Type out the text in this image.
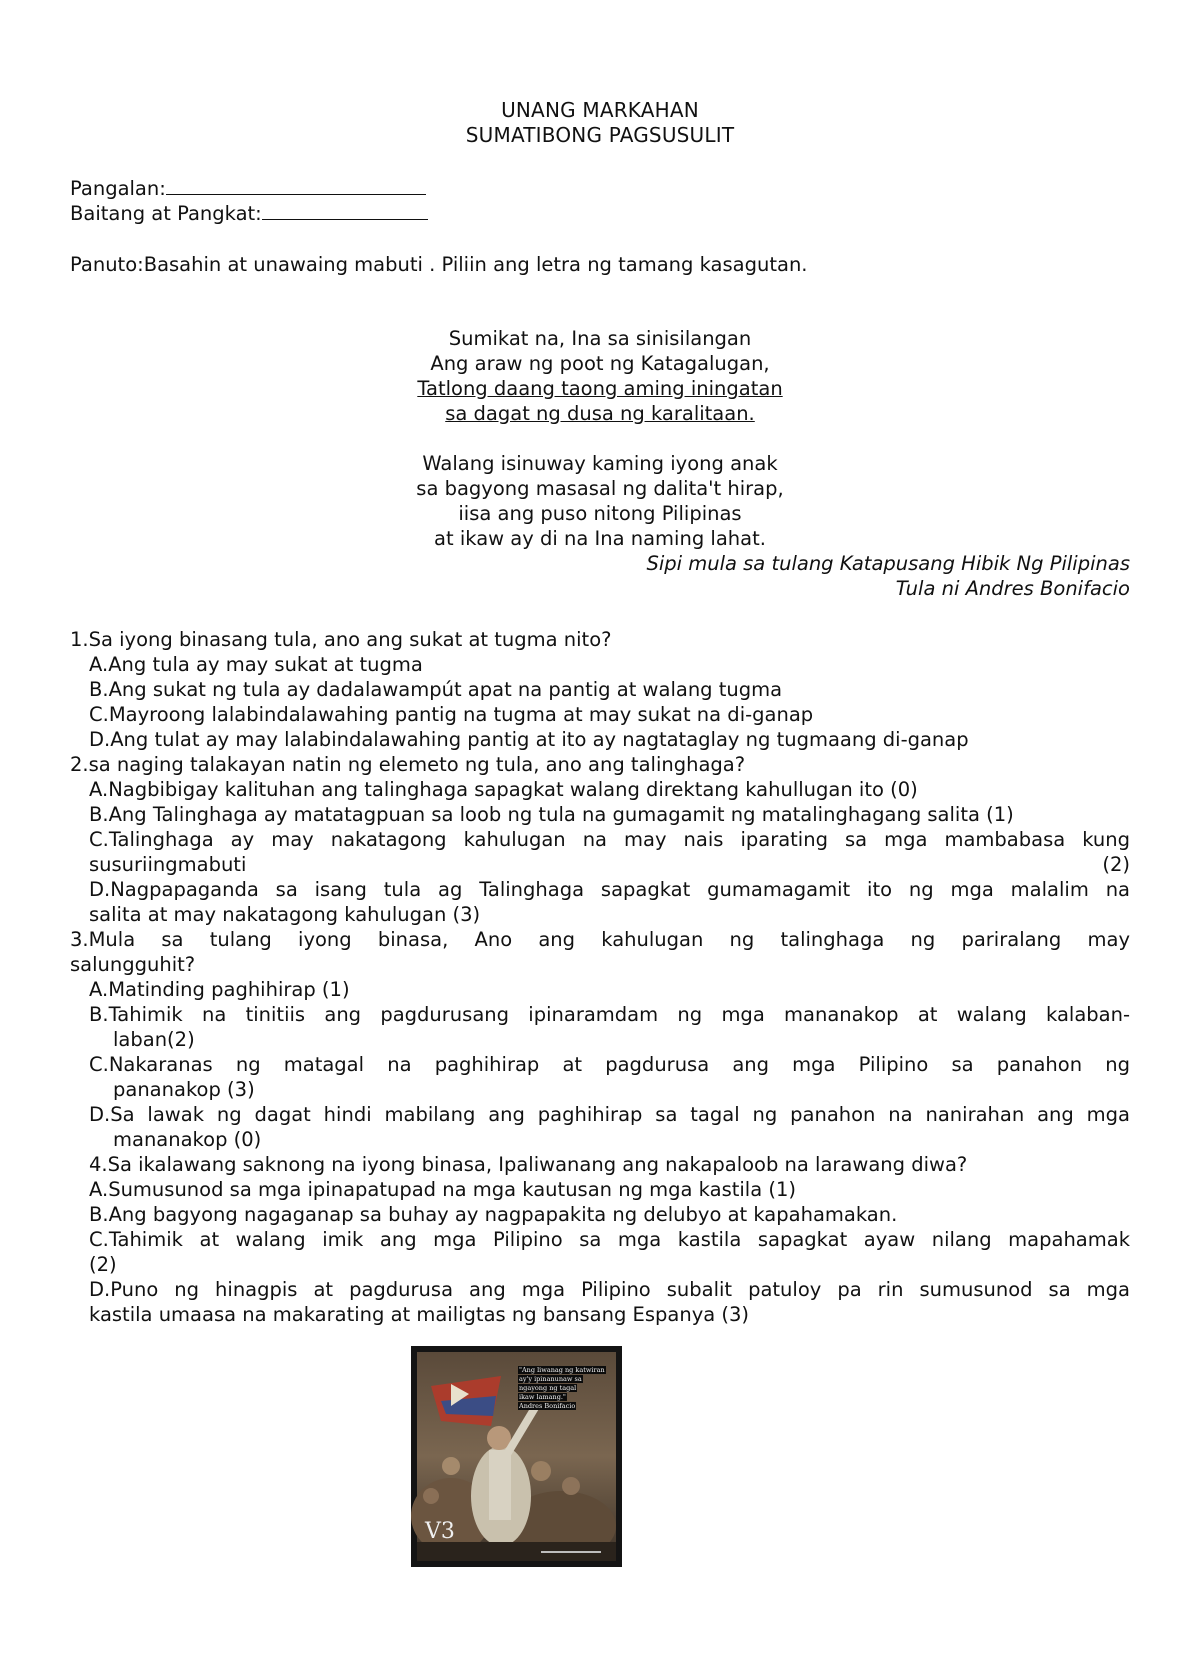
UNANG MARKAHAN
SUMATIBONG PAGSUSULIT
Pangalan:
Baitang at Pangkat:
Panuto:Basahin at unawaing mabuti . Piliin ang letra ng tamang kasagutan.
Sumikat na, Ina sa sinisilangan
Ang araw ng poot ng Katagalugan,
Tatlong daang taong aming iningatan
sa dagat ng dusa ng karalitaan.
Walang isinuway kaming iyong anak
sa bagyong masasal ng dalita't hirap,
iisa ang puso nitong Pilipinas
at ikaw ay di na Ina naming lahat.
Sipi mula sa tulang Katapusang Hibik Ng Pilipinas
Tula ni Andres Bonifacio
1.Sa iyong binasang tula, ano ang sukat at tugma nito?
A.Ang tula ay may sukat at tugma
B.Ang sukat ng tula ay dadalawampút apat na pantig at walang tugma
C.Mayroong lalabindalawahing pantig na tugma at may sukat na di-ganap
D.Ang tulat ay may lalabindalawahing pantig at ito ay nagtataglay ng tugmaang di-ganap
2.sa naging talakayan natin ng elemeto ng tula, ano ang talinghaga?
A.Nagbibigay kalituhan ang talinghaga sapagkat walang direktang kahullugan ito (0)
B.Ang Talinghaga ay matatagpuan sa loob ng tula na gumagamit ng matalinghagang salita (1)
C.Talinghaga ay may nakatagong kahulugan na may nais iparating sa mga mambabasa kung
susuriingmabuti	(2)
D.Nagpapaganda sa isang tula ag Talinghaga sapagkat gumamagamit ito ng mga malalim na
salita at may nakatagong kahulugan (3)
3.Mula sa tulang iyong binasa, Ano ang kahulugan ng talinghaga ng pariralang may
salungguhit?
A.Matinding paghihirap (1)
B.Tahimik na tinitiis ang pagdurusang ipinaramdam ng mga mananakop at walang kalaban-
laban(2)
C.Nakaranas ng matagal na paghihirap at pagdurusa ang mga Pilipino sa panahon ng
pananakop (3)
D.Sa lawak ng dagat hindi mabilang ang paghihirap sa tagal ng panahon na nanirahan ang mga
mananakop (0)
4.Sa ikalawang saknong na iyong binasa, Ipaliwanang ang nakapaloob na larawang diwa?
A.Sumusunod sa mga ipinapatupad na mga kautusan ng mga kastila (1)
B.Ang bagyong nagaganap sa buhay ay nagpapakita ng delubyo at kapahamakan.
C.Tahimik at walang imik ang mga Pilipino sa mga kastila sapagkat ayaw nilang mapahamak
(2)
D.Puno ng hinagpis at pagdurusa ang mga Pilipino subalit patuloy pa rin sumusunod sa mga
kastila umaasa na makarating at mailigtas ng bansang Espanya (3)
V3
"Ang liwanag ng katwiran
ay'y ipinanunaw sa
ngayong ng tagal
ikaw lamang."
Andres Bonifacio
